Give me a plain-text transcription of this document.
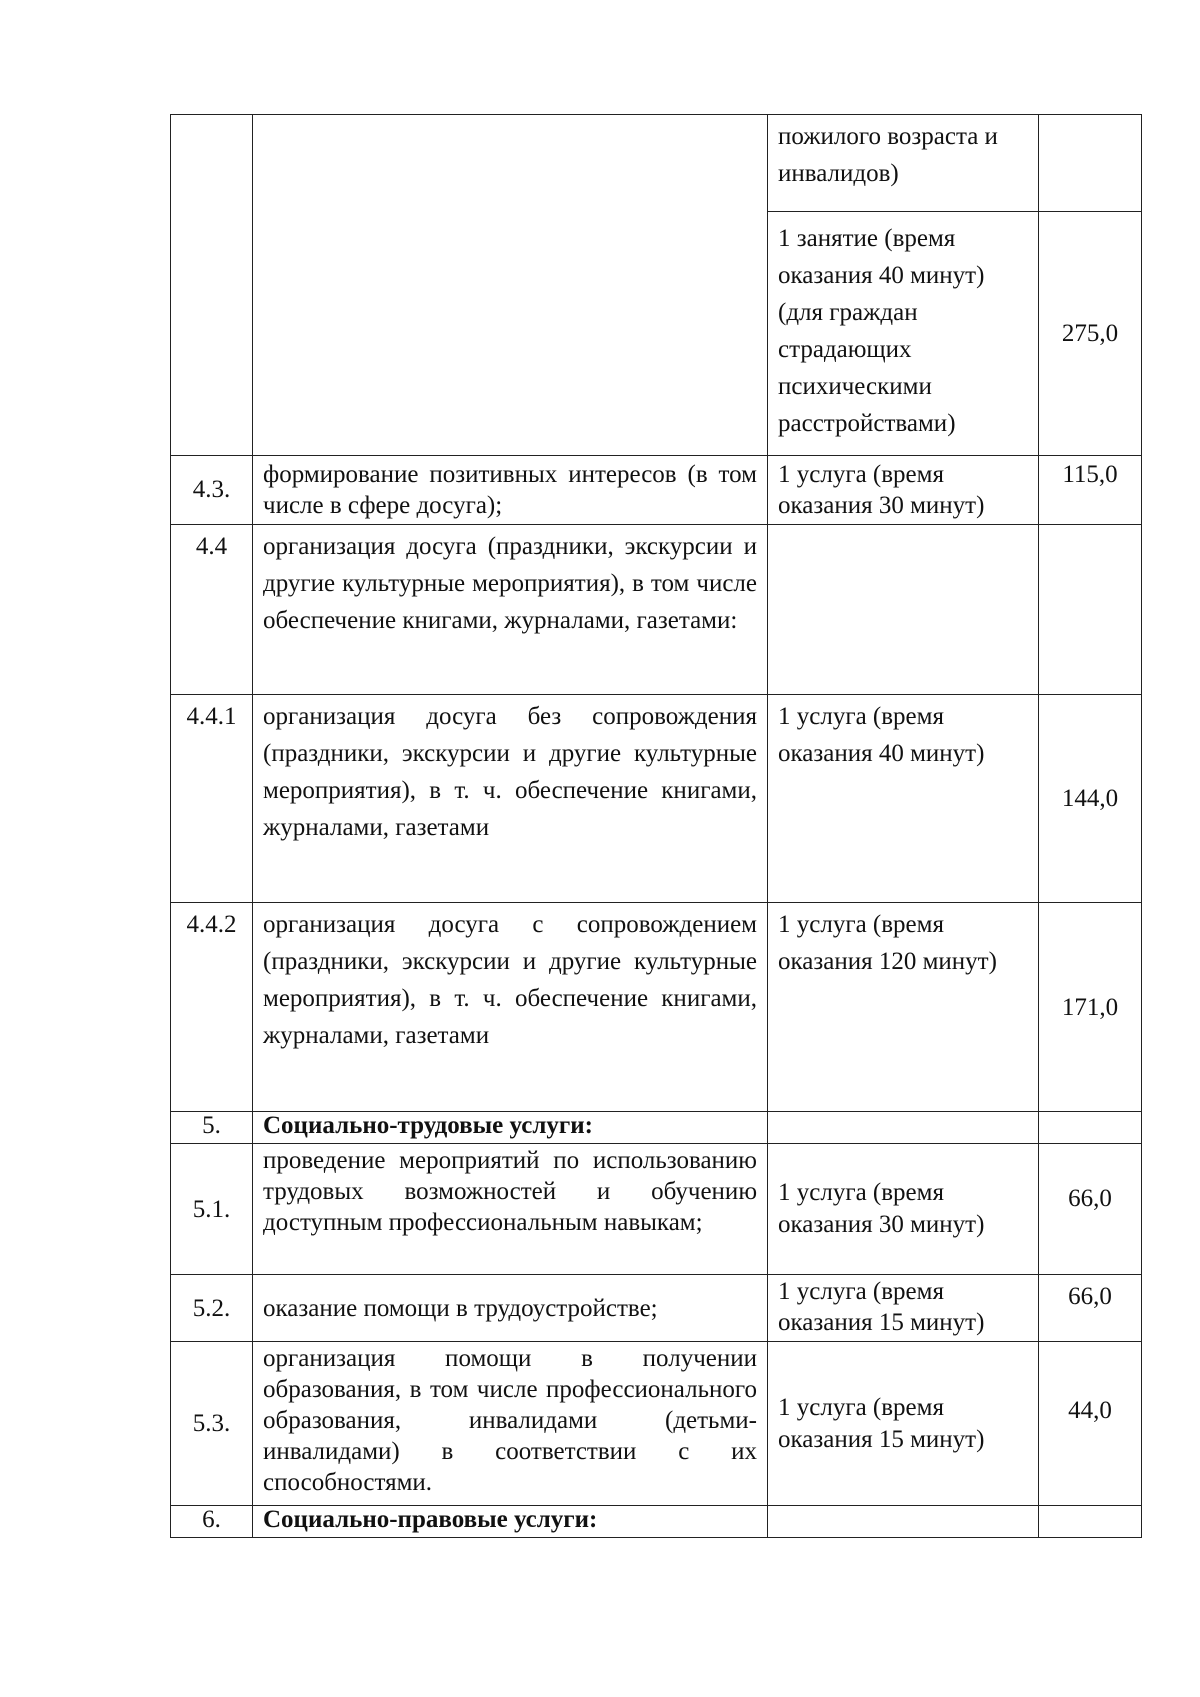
		пожилого возраста и инвалидов)	
		1 занятие (время оказания 40 минут) (для граждан страдающих психическими расстройствами)	275,0
4.3.	формирование позитивных интересов (в том числе в сфере досуга);	1 услуга (время оказания 30 минут)	115,0
4.4	организация досуга (праздники, экскурсии и другие культурные мероприятия), в том числе обеспечение книгами, журналами, газетами:		
4.4.1	организация досуга без сопровождения (праздники, экскурсии и другие культурные мероприятия), в т. ч. обеспечение книгами, журналами, газетами	1 услуга (время оказания 40 минут)	144,0
4.4.2	организация досуга с сопровождением (праздники, экскурсии и другие культурные мероприятия), в т. ч. обеспечение книгами, журналами, газетами	1 услуга (время оказания 120 минут)	171,0
5.	Социально-трудовые услуги:		
5.1.	проведение мероприятий по использованию трудовых возможностей и обучению доступным профессиональным навыкам;	1 услуга (время оказания 30 минут)	66,0
5.2.	оказание помощи в трудоустройстве;	1 услуга (время оказания 15 минут)	66,0
5.3.	организация помощи в получении образования, в том числе профессионального образования, инвалидами (детьми-инвалидами) в соответствии с их способностями.	1 услуга (время оказания 15 минут)	44,0
6.	Социально-правовые услуги:		
